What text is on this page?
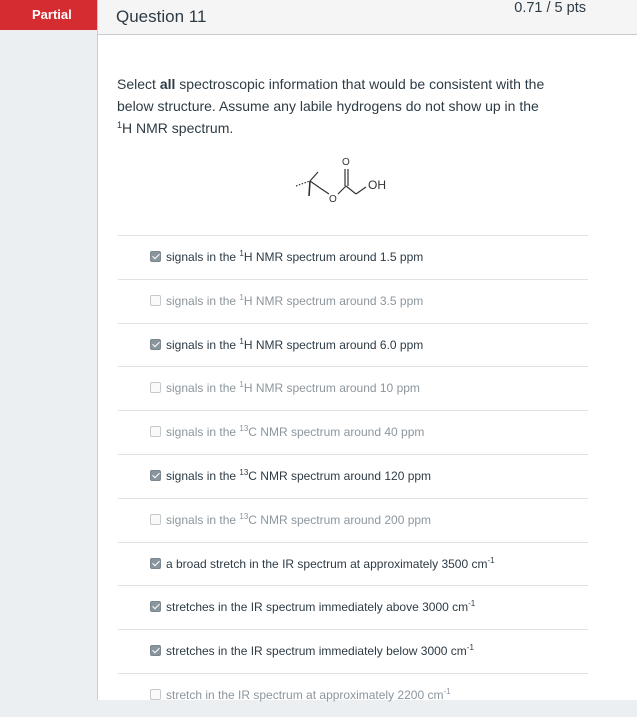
Partial	Question 11	0.71 / 5 pts
Select all spectroscopic information that would be consistent with the below structure. Assume any labile hydrogens do not show up in the $^1$H NMR spectrum.
O
O
OH
signals in the $^1$H NMR spectrum around 1.5 ppm
signals in the $^1$H NMR spectrum around 3.5 ppm
signals in the $^1$H NMR spectrum around 6.0 ppm
signals in the $^1$H NMR spectrum around 10 ppm
signals in the $^{13}$C NMR spectrum around 40 ppm
signals in the $^{13}$C NMR spectrum around 120 ppm
signals in the $^{13}$C NMR spectrum around 200 ppm
a broad stretch in the IR spectrum at approximately 3500 $cm^{-1}$
stretches in the IR spectrum immediately above 3000 $cm^{-1}$
stretches in the IR spectrum immediately below 3000 $cm^{-1}$
stretch in the IR spectrum at approximately 2200 $cm^{-1}$
